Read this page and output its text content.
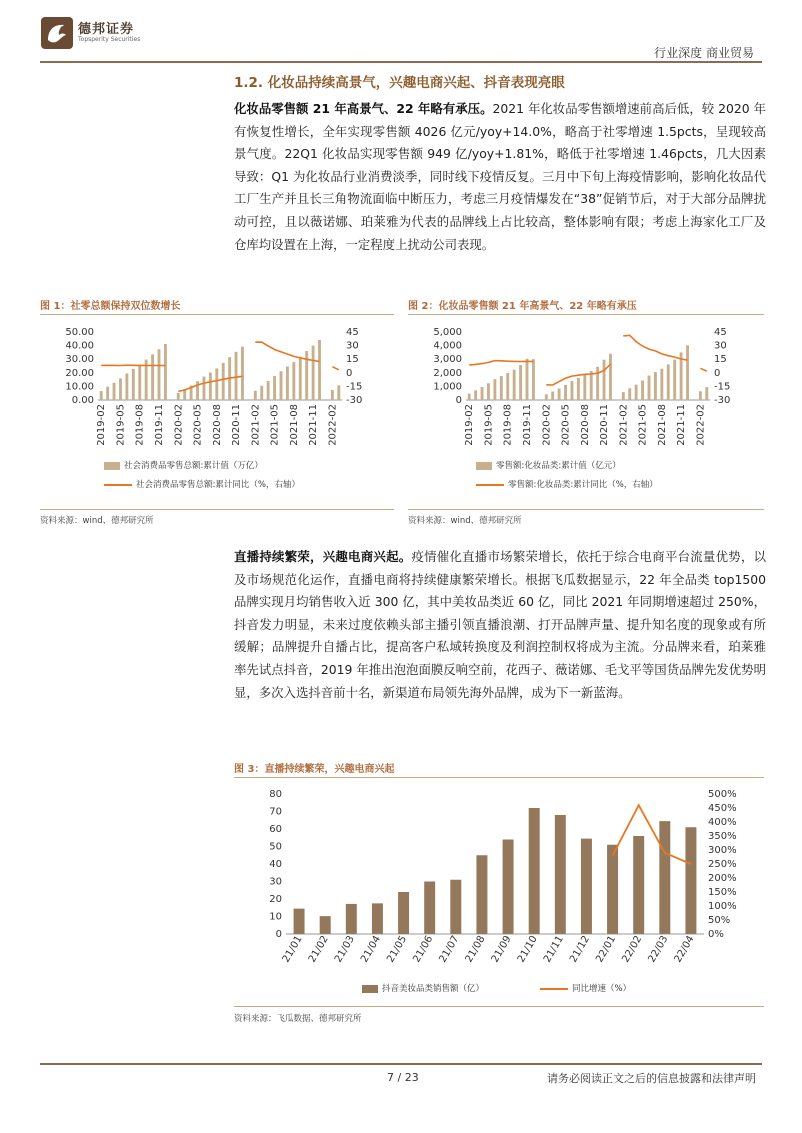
德邦证券
Topsperity Securities
行业深度 商业贸易
1.2. 化妆品持续高景气，兴趣电商兴起、抖音表现亮眼
化妆品零售额 21 年高景气、22 年略有承压。2021 年化妆品零售额增速前高后低，较 2020 年有恢复性增长，全年实现零售额 4026 亿元/yoy+14.0%，略高于社零增速 1.5pcts，呈现较高景气度。22Q1 化妆品实现零售额 949 亿/yoy+1.81%，略低于社零增速 1.46pcts，几大因素导致：Q1 为化妆品行业消费淡季，同时线下疫情反复。三月中下旬上海疫情影响，影响化妆品代工厂生产并且长三角物流面临中断压力，考虑三月疫情爆发在“38”促销节后，对于大部分品牌扰动可控，且以薇诺娜、珀莱雅为代表的品牌线上占比较高，整体影响有限；考虑上海家化工厂及仓库均设置在上海，一定程度上扰动公司表现。
图 1：社零总额保持双位数增长
50.00
40.00
30.00
20.00
10.00
0.00
45
30
15
0
-15
-30
2019-02 2019-05 2019-08 2019-11 2020-02 2020-05 2020-08 2020-11 2021-02 2021-05 2021-08 2021-11 2022-02
社会消费品零售总额:累计值（万亿）
社会消费品零售总额:累计同比（%，右轴）
资料来源：wind、德邦研究所
图 2：化妆品零售额 21 年高景气、22 年略有承压
5,000
4,000
3,000
2,000
1,000
0
45
30
15
0
-15
-30
2019-02 2019-05 2019-08 2019-11 2020-02 2020-05 2020-08 2020-11 2021-02 2021-05 2021-08 2021-11 2022-02
零售额:化妆品类:累计值（亿元）
零售额:化妆品类:累计同比（%，右轴）
资料来源：wind、德邦研究所
直播持续繁荣，兴趣电商兴起。疫情催化直播市场繁荣增长，依托于综合电商平台流量优势，以及市场规范化运作，直播电商将持续健康繁荣增长。根据飞瓜数据显示，22 年全品类 top1500 品牌实现月均销售收入近 300 亿，其中美妆品类近 60 亿，同比 2021 年同期增速超过 250%，抖音发力明显，未来过度依赖头部主播引领直播浪潮、打开品牌声量、提升知名度的现象或有所缓解；品牌提升自播占比，提高客户私域转换度及利润控制权将成为主流。分品牌来看，珀莱雅率先试点抖音，2019 年推出泡泡面膜反响空前，花西子、薇诺娜、毛戈平等国货品牌先发优势明显，多次入选抖音前十名，新渠道布局领先海外品牌，成为下一新蓝海。
图 3：直播持续繁荣，兴趣电商兴起
80
70
60
50
40
30
20
10
0
500%
450%
400%
350%
300%
250%
200%
150%
100%
50%
0%
21/01 21/02 21/03 21/04 21/05 21/06 21/07 21/08 21/09 21/10 21/11 21/12 22/01 22/02 22/03 22/04
抖音美妆品类销售额（亿）	同比增速（%）
资料来源：飞瓜数据、德邦研究所
7 / 23	请务必阅读正文之后的信息披露和法律声明
